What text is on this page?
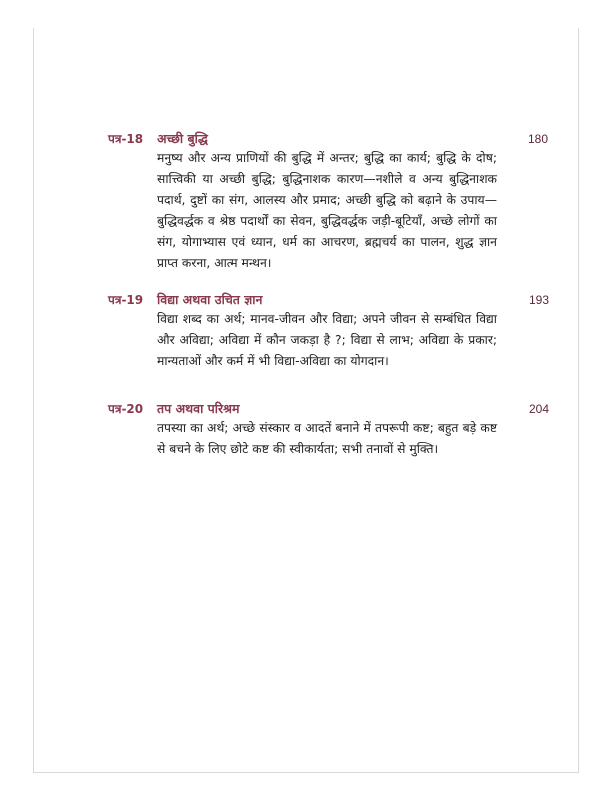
पत्र-18 अच्छी बुद्धि	180
मनुष्य और अन्य प्राणियों की बुद्धि में अन्तर; बुद्धि का कार्य; बुद्धि के दोष; सात्त्विकी या अच्छी बुद्धि; बुद्धिनाशक कारण—नशीले व अन्य बुद्धिनाशक पदार्थ, दुष्टों का संग, आलस्य और प्रमाद; अच्छी बुद्धि को बढ़ाने के उपाय—बुद्धिवर्द्धक व श्रेष्ठ पदार्थों का सेवन, बुद्धिवर्द्धक जड़ी-बूटियाँ, अच्छे लोगों का संग, योगाभ्यास एवं ध्यान, धर्म का आचरण, ब्रह्मचर्य का पालन, शुद्ध ज्ञान प्राप्त करना, आत्म मन्थन।
पत्र-19 विद्या अथवा उचित ज्ञान	193
विद्या शब्द का अर्थ; मानव-जीवन और विद्या; अपने जीवन से सम्बंधित विद्या और अविद्या; अविद्या में कौन जकड़ा है ?; विद्या से लाभ; अविद्या के प्रकार; मान्यताओं और कर्म में भी विद्या-अविद्या का योगदान।
पत्र-20 तप अथवा परिश्रम	204
तपस्या का अर्थ; अच्छे संस्कार व आदतें बनाने में तपरूपी कष्ट; बहुत बड़े कष्ट से बचने के लिए छोटे कष्ट की स्वीकार्यता; सभी तनावों से मुक्ति।
